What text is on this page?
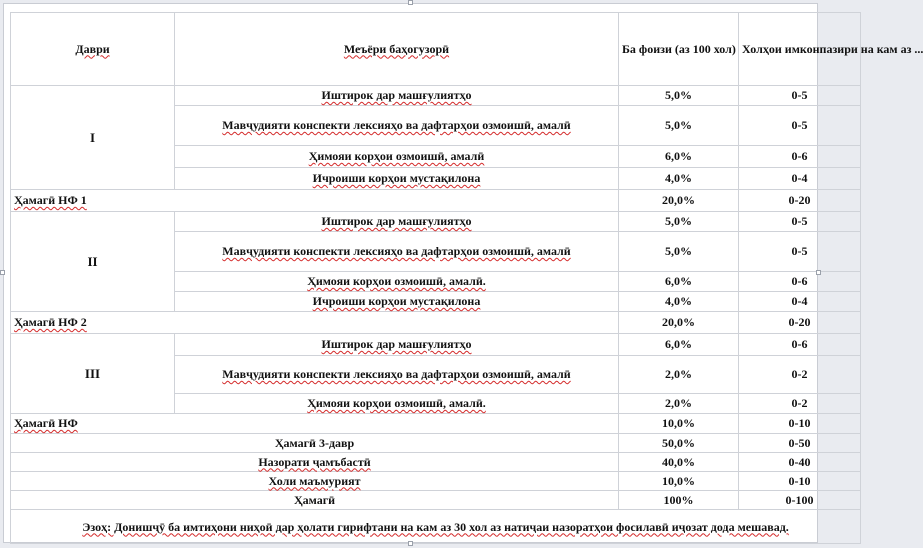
Даври	Меъёри баҳогузорӣ	Ба фоизи (аз 100 хол)	Холҳои имконпазири на кам аз ...
I	Иштирок дар машғулиятҳо	5,0%	0-5
	Мавҷудияти конспекти лексияҳо ва дафтарҳои озмоишӣ, амалӣ	5,0%	0-5
	Ҳимояи корҳои озмоишӣ, амалӣ	6,0%	0-6
	Ичроиши корҳои мустақилона	4,0%	0-4
Ҳамагӣ НФ 1		20,0%	0-20
II	Иштирок дар машғулиятҳо	5,0%	0-5
	Мавҷудияти конспекти лексияҳо ва дафтарҳои озмоишӣ, амалӣ	5,0%	0-5
	Ҳимояи корҳои озмоишӣ, амалӣ.	6,0%	0-6
	Ичроиши корҳои мустақилона	4,0%	0-4
Ҳамагӣ НФ 2		20,0%	0-20
III	Иштирок дар машғулиятҳо	6,0%	0-6
	Мавҷудияти конспекти лексияҳо ва дафтарҳои озмоишӣ, амалӣ	2,0%	0-2
	Ҳимояи корҳои озмоишӣ, амалӣ.	2,0%	0-2
Ҳамагӣ НФ		10,0%	0-10
Ҳамагӣ 3-давр		50,0%	0-50
Назорати ҷамъбастӣ		40,0%	0-40
Холи маъмурият		10,0%	0-10
Ҳамагӣ		100%	0-100
Эзоҳ: Донишҷӯ ба имтиҳони ниҳоӣ дар ҳолати гирифтани на кам аз 30 хол аз натиҷаи назоратҳои фосилавӣ иҷозат дода мешавад.			
